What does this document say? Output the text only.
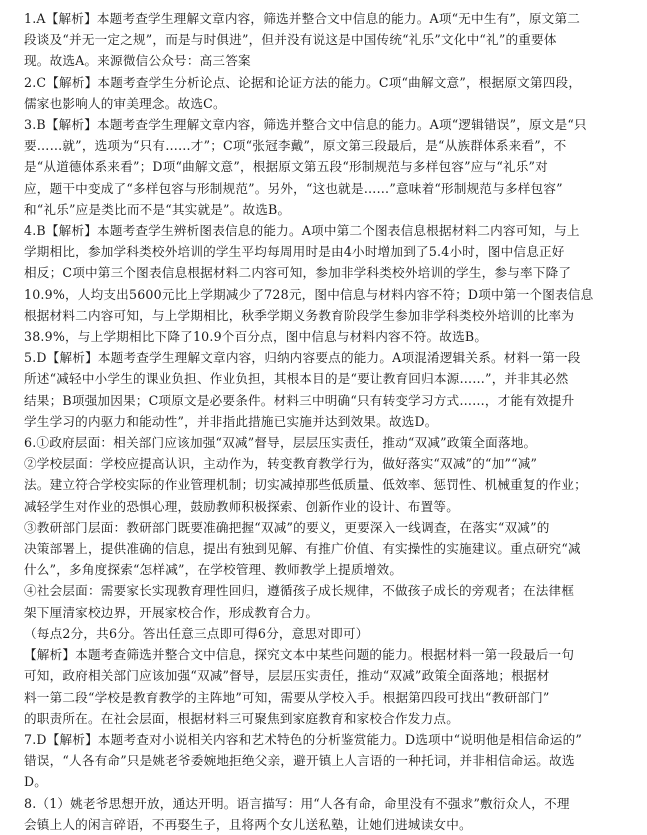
1.A【解析】本题考查学生理解文章内容，筛选并整合文中信息的能力。A项“无中生有”，原文第二
段谈及“并无一定之规”，而是与时俱进”，但并没有说这是中国传统“礼乐”文化中“礼”的重要体
现。故选A。来源微信公众号：高三答案
2.C【解析】本题考查学生分析论点、论据和论证方法的能力。C项“曲解文意”，根据原文第四段，
儒家也影响人的审美理念。故选C。
3.B【解析】本题考查学生理解文章内容，筛选并整合文中信息的能力。A项“逻辑错误”，原文是“只
要……就”，选项为“只有……才”；C项“张冠李戴”，原文第三段最后，是“从族群体系来看”，不
是“从道德体系来看”；D项“曲解文意”，根据原文第五段“形制规范与多样包容”应与“礼乐”对
应，题干中变成了“多样包容与形制规范”。另外，“这也就是……”意味着“形制规范与多样包容”
和“礼乐”应是类比而不是“其实就是”。故选B。
4.B【解析】本题考查学生辨析图表信息的能力。A项中第二个图表信息根据材料二内容可知，与上
学期相比，参加学科类校外培训的学生平均每周用时是由4小时增加到了5.4小时，图中信息正好
相反；C项中第三个图表信息根据材料二内容可知，参加非学科类校外培训的学生，参与率下降了
10.9%，人均支出5600元比上学期减少了728元，图中信息与材料内容不符；D项中第一个图表信息
根据材料二内容可知，与上学期相比，秋季学期义务教育阶段学生参加非学科类校外培训的比率为
38.9%，与上学期相比下降了10.9个百分点，图中信息与材料内容不符。故选B。
5.D【解析】本题考查学生理解文章内容，归纳内容要点的能力。A项混淆逻辑关系。材料一第一段
所述“减轻中小学生的课业负担、作业负担，其根本目的是“要让教育回归本源……”，并非其必然
结果；B项强加因果；C项原文是必要条件。材料三中明确“只有转变学习方式……，才能有效提升
学生学习的内驱力和能动性”，并非指此措施已实施并达到效果。故选D。
6.①政府层面：相关部门应该加强“双减”督导，层层压实责任，推动“双减”政策全面落地。
②学校层面：学校应提高认识，主动作为，转变教育教学行为，做好落实“双减”的“加”“减”
法。建立符合学校实际的作业管理机制；切实减掉那些低质量、低效率、惩罚性、机械重复的作业；
减轻学生对作业的恐惧心理，鼓励教师积极探索、创新作业的设计、布置等。
③教研部门层面：教研部门既要准确把握“双减”的要义，更要深入一线调查，在落实“双减”的
决策部署上，提供准确的信息，提出有独到见解、有推广价值、有实操性的实施建议。重点研究“减
什么”，多角度探索“怎样减”，在学校管理、教师教学上提质增效。
④社会层面：需要家长实现教育理性回归，遵循孩子成长规律，不做孩子成长的旁观者；在法律框
架下厘清家校边界，开展家校合作，形成教育合力。
（每点2分，共6分。答出任意三点即可得6分，意思对即可）
【解析】本题考查筛选并整合文中信息，探究文本中某些问题的能力。根据材料一第一段最后一句
可知，政府相关部门应该加强“双减”督导，层层压实责任，推动“双减”政策全面落地；根据材
料一第二段“学校是教育教学的主阵地”可知，需要从学校入手。根据第四段可找出“教研部门”
的职责所在。在社会层面，根据材料三可聚焦到家庭教育和家校合作发力点。
7.D【解析】本题考查对小说相关内容和艺术特色的分析鉴赏能力。D选项中“说明他是相信命运的”
错误，“人各有命”只是姚老爷委婉地拒绝父亲，避开镇上人言语的一种托词，并非相信命运。故选
D。
8.（1）姚老爷思想开放，通达开明。语言描写：用“人各有命，命里没有不强求”敷衍众人，不理
会镇上人的闲言碎语，不再娶生子，且将两个女儿送私塾，让她们进城读女中。
